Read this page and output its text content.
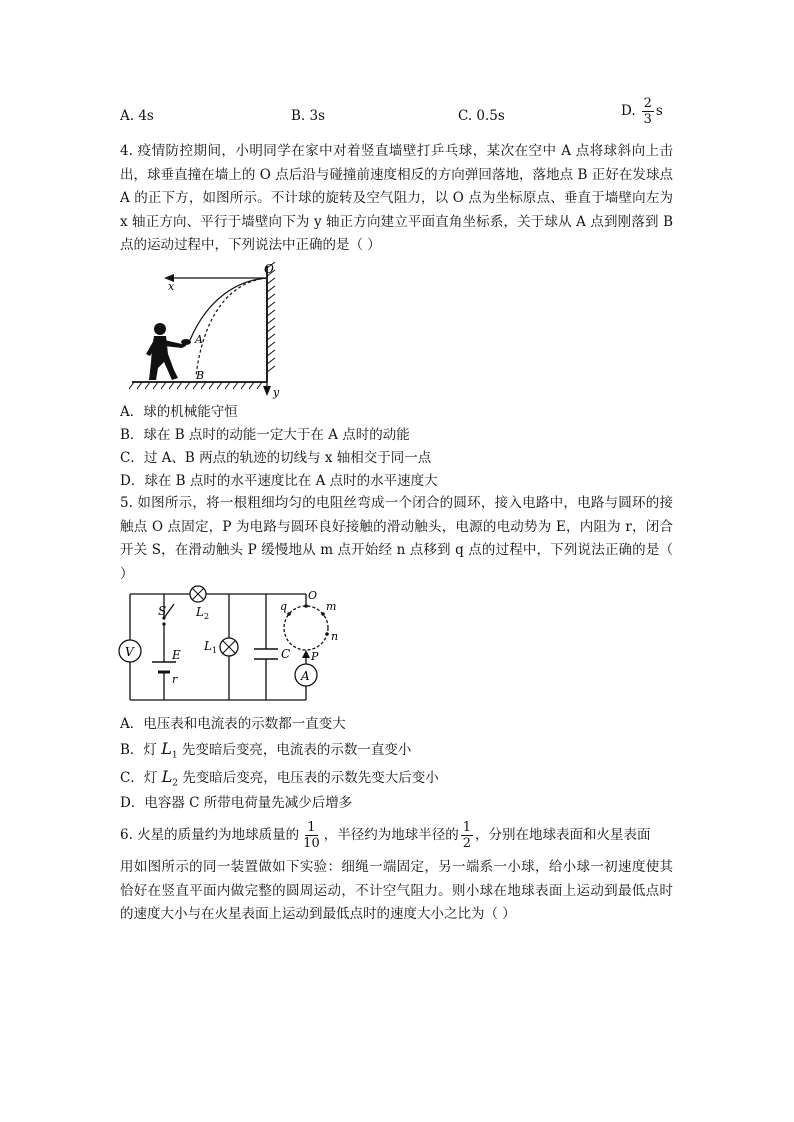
A. 4s	B. 3s	C. 0.5s	D. $\frac{2}{3}$ s
4. 疫情防控期间，小明同学在家中对着竖直墙壁打乒乓球，某次在空中 A 点将球斜向上击出，球垂直撞在墙上的 O 点后沿与碰撞前速度相反的方向弹回落地，落地点 B 正好在发球点 A 的正下方，如图所示。不计球的旋转及空气阻力，以 O 点为坐标原点、垂直于墙壁向左为 x 轴正方向、平行于墙壁向下为 y 轴正方向建立平面直角坐标系，关于球从 A 点到刚落到 B 点的运动过程中，下列说法中正确的是（ ）
O
x
y
A
B
A．球的机械能守恒
B．球在 B 点时的动能一定大于在 A 点时的动能
C．过 A、B 两点的轨迹的切线与 x 轴相交于同一点
D．球在 B 点时的水平速度比在 A 点时的水平速度大
5. 如图所示，将一根粗细均匀的电阻丝弯成一个闭合的圆环，接入电路中，电路与圆环的接触点 O 点固定，P 为电路与圆环良好接触的滑动触头，电源的电动势为 E，内阻为 r，闭合开关 S，在滑动触头 P 缓慢地从 m 点开始经 n 点移到 q 点的过程中，下列说法正确的是（ ）
V
S
E
r
$L_2$
$L_1$	C
O
m
n
q
P
A
A．电压表和电流表的示数都一直变大
B．灯 $L_1$ 先变暗后变亮，电流表的示数一直变小
C．灯 $L_2$ 先变暗后变亮，电压表的示数先变大后变小
D．电容器 C 所带电荷量先减少后增多
6. 火星的质量约为地球质量的 $\frac{1}{10}$ ，半径约为地球半径的 $\frac{1}{2}$ ，分别在地球表面和火星表面
用如图所示的同一装置做如下实验：细绳一端固定，另一端系一小球，给小球一初速度使其恰好在竖直平面内做完整的圆周运动，不计空气阻力。则小球在地球表面上运动到最低点时的速度大小与在火星表面上运动到最低点时的速度大小之比为（ ）
